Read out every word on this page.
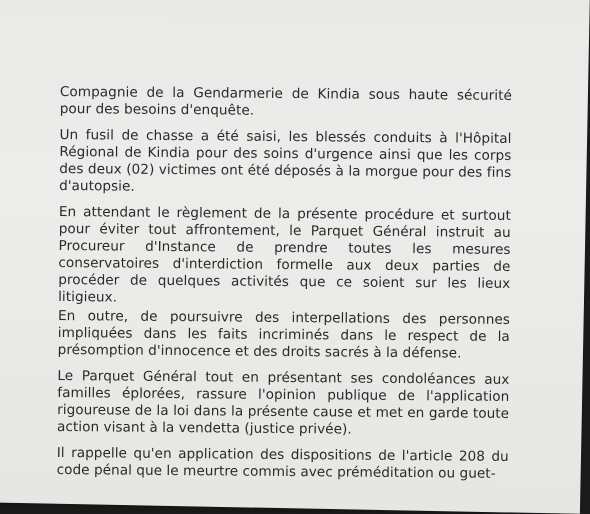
Compagnie de la Gendarmerie de Kindia sous haute sécurité pour des besoins d'enquête.

Un fusil de chasse a été saisi, les blessés conduits à l'Hôpital Régional de Kindia pour des soins d'urgence ainsi que les corps des deux (02) victimes ont été déposés à la morgue pour des fins d'autopsie.

En attendant le règlement de la présente procédure et surtout pour éviter tout affrontement, le Parquet Général instruit au Procureur d'Instance de prendre toutes les mesures conservatoires d'interdiction formelle aux deux parties de procéder de quelques activités que ce soient sur les lieux litigieux.

En outre, de poursuivre des interpellations des personnes impliquées dans les faits incriminés dans le respect de la présomption d'innocence et des droits sacrés à la défense.

Le Parquet Général tout en présentant ses condoléances aux familles éplorées, rassure l'opinion publique de l'application rigoureuse de la loi dans la présente cause et met en garde toute action visant à la vendetta (justice privée).

Il rappelle qu'en application des dispositions de l'article 208 du code pénal que le meurtre commis avec préméditation ou guet-
